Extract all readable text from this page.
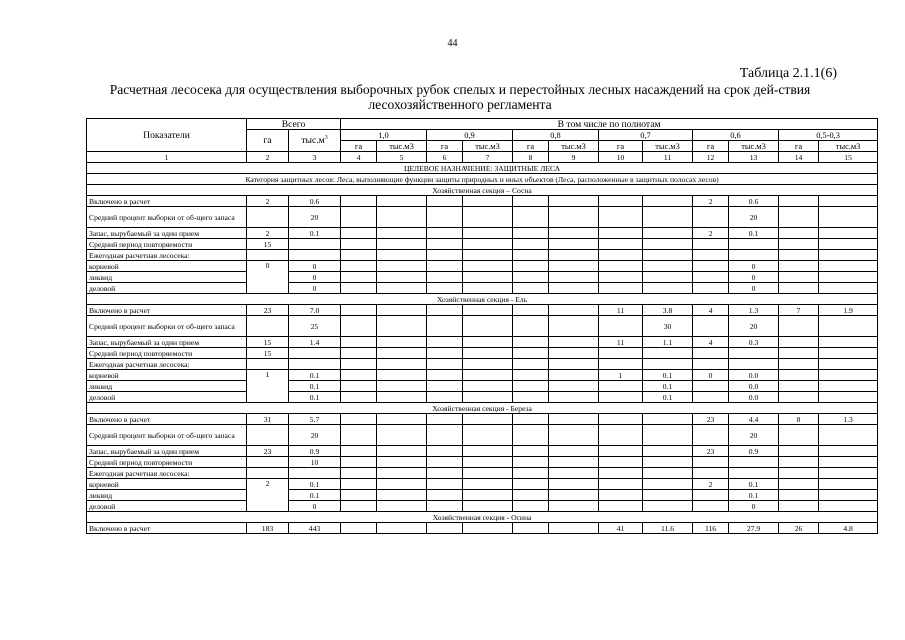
44
Таблица 2.1.1(6)
Расчетная лесосека для осуществления выборочных рубок спелых и перестойных лесных насаждений на срок дей-ствия лесохозяйственного регламента
Показатели	Всего		В том числе по полнотам											
	га	$тыс.м^3$	1,0		0,9		0,8		0,7		0,6		0,5-0,3	
			га	тыс.м3	га	тыс.м3	га	тыс.м3	га	тыс.м3	га	тыс.м3	га	тыс.м3
1	2	3	4	5	6	7	8	9	10	11	12	13	14	15
ЦЕЛЕВОЕ НАЗНАЧЕНИЕ: ЗАЩИТНЫЕ ЛЕСА														
Категория защитных лесов: Леса, выполняющие функции защиты природных и иных объектов (Леса, расположенные в защитных полосах лесов)														
Хозяйственная секция – Сосна														
Включено в расчет	2	0.6									2	0.6		
Средний процент выборки от об-щего запаса		20										20		
Запас, вырубаемый за один прием	2	0.1									2	0.1		
Средний период повторяемости	15													
Ежегодная расчетная лесосека:														
корневой	0	0										0		
ликвид		0										0		
деловой		0										0		
Хозяйственная секция - Ель														
Включено в расчет	23	7.0							11	3.8	4	1.3	7	1.9
Средний процент выборки от об-щего запаса		25								30		20		
Запас, вырубаемый за один прием	15	1.4							11	1.1	4	0.3		
Средний период повторяемости	15													
Ежегодная расчетная лесосека:														
корневой	1	0.1							1	0.1	0	0.0		
ликвид		0.1								0.1		0.0		
деловой		0.1								0.1		0.0		
Хозяйственная секция - Береза														
Включено в расчет	31	5.7									23	4.4	8	1.3
Средний процент выборки от об-щего запаса		20										20		
Запас, вырубаемый за один прием	23	0.9									23	0.9		
Средний период повторяемости		10												
Ежегодная расчетная лесосека:														
корневой	2	0.1									2	0.1		
ликвид		0.1										0.1		
деловой		0										0		
Хозяйственная секция - Осина														
Включено в расчет	183	443							41	11.6	116	27.9	26	4.8
